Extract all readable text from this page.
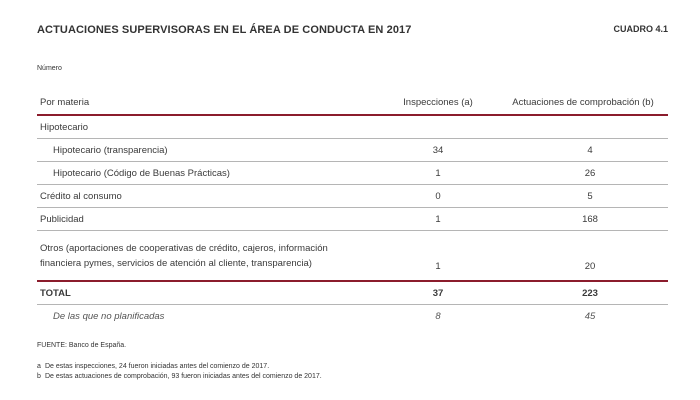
ACTUACIONES SUPERVISORAS EN EL ÁREA DE CONDUCTA EN 2017	CUADRO 4.1
Número
Por materia	Inspecciones (a)	Actuaciones de comprobación (b)
Hipotecario		
Hipotecario (transparencia)	34	4
Hipotecario (Código de Buenas Prácticas)	1	26
Crédito al consumo	0	5
Publicidad	1	168

Otros (aportaciones de cooperativas de crédito, cajeros, información
financiera pymes, servicios de atención al cliente, transparencia)	1	20
TOTAL	37	223
De las que no planificadas	8	45
FUENTE: Banco de España.
a De estas inspecciones, 24 fueron iniciadas antes del comienzo de 2017.
b De estas actuaciones de comprobación, 93 fueron iniciadas antes del comienzo de 2017.
